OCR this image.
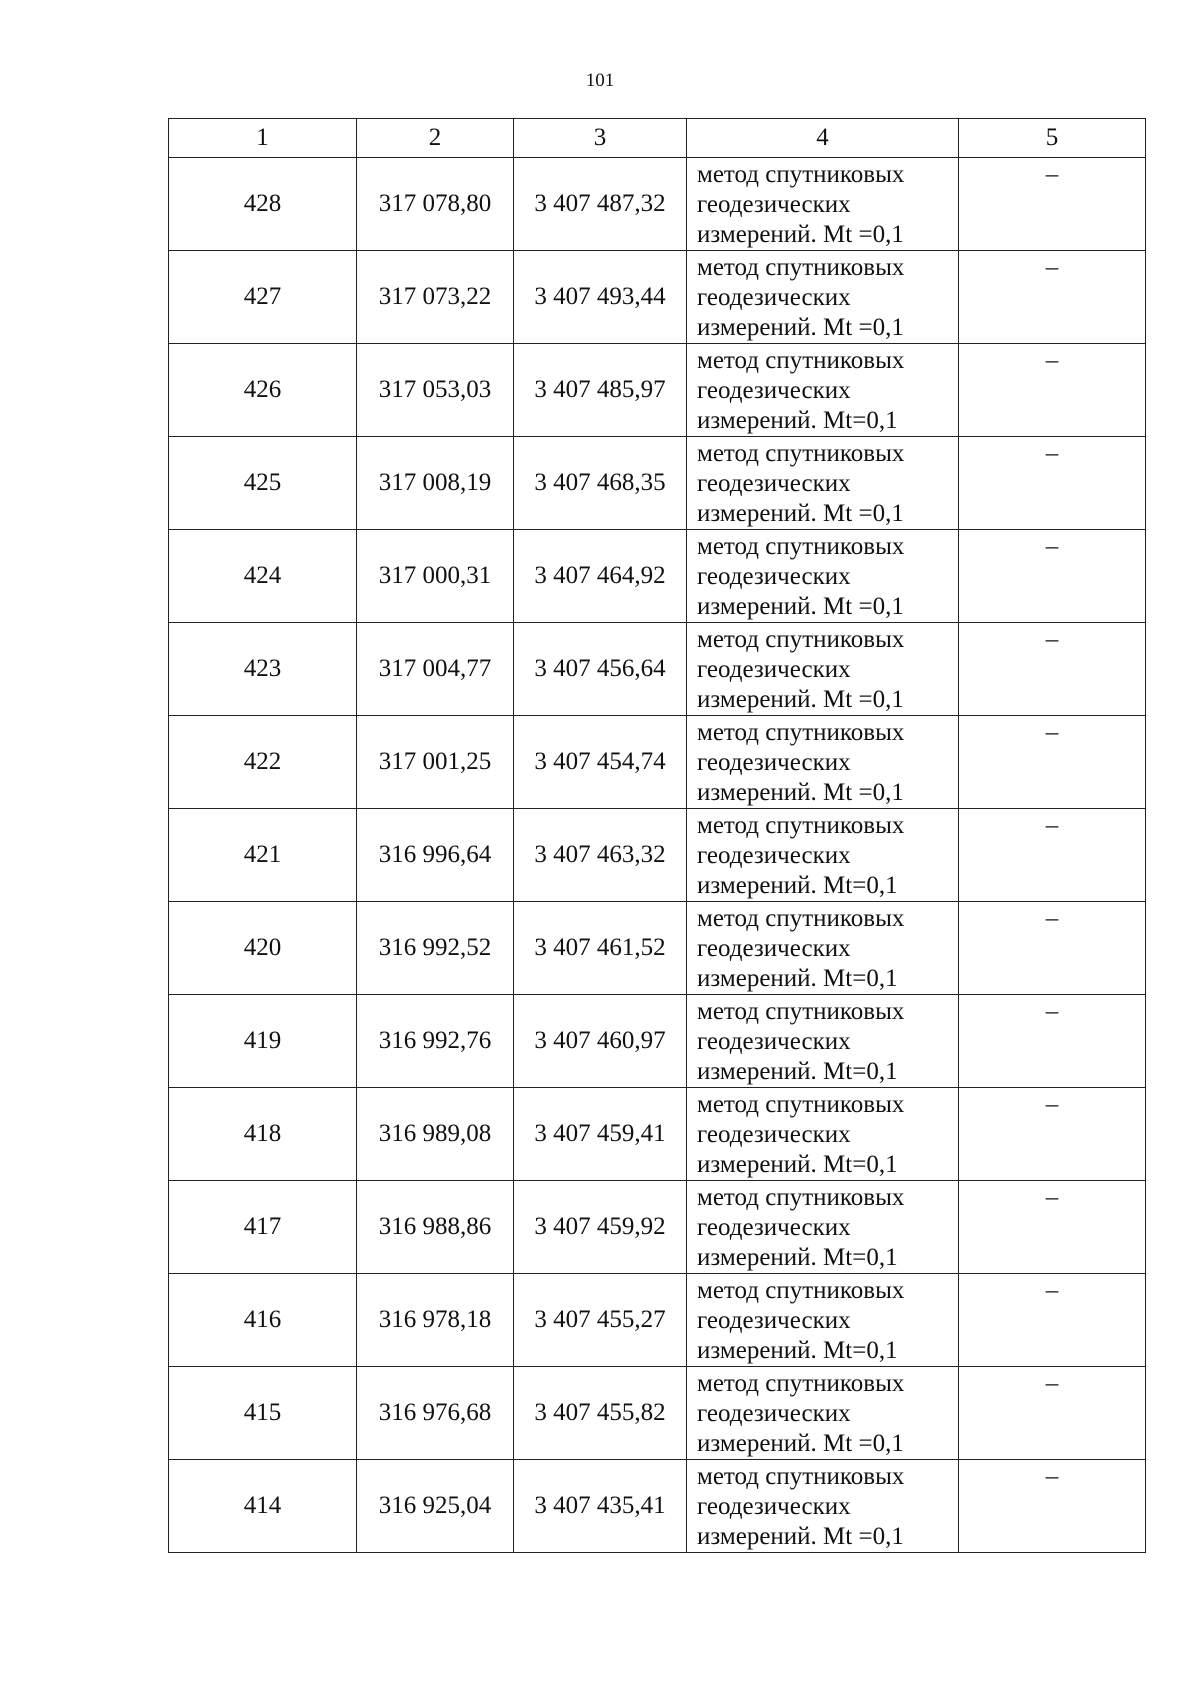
101
1	2	3	4	5
428	317 078,80	3 407 487,32	метод спутниковых
геодезических
измерений. Mt =0,1	–
427	317 073,22	3 407 493,44	метод спутниковых
геодезических
измерений. Mt =0,1	–
426	317 053,03	3 407 485,97	метод спутниковых
геодезических
измерений. Mt=0,1	–
425	317 008,19	3 407 468,35	метод спутниковых
геодезических
измерений. Mt =0,1	–
424	317 000,31	3 407 464,92	метод спутниковых
геодезических
измерений. Mt =0,1	–
423	317 004,77	3 407 456,64	метод спутниковых
геодезических
измерений. Mt =0,1	–
422	317 001,25	3 407 454,74	метод спутниковых
геодезических
измерений. Mt =0,1	–
421	316 996,64	3 407 463,32	метод спутниковых
геодезических
измерений. Mt=0,1	–
420	316 992,52	3 407 461,52	метод спутниковых
геодезических
измерений. Mt=0,1	–
419	316 992,76	3 407 460,97	метод спутниковых
геодезических
измерений. Mt=0,1	–
418	316 989,08	3 407 459,41	метод спутниковых
геодезических
измерений. Mt=0,1	–
417	316 988,86	3 407 459,92	метод спутниковых
геодезических
измерений. Mt=0,1	–
416	316 978,18	3 407 455,27	метод спутниковых
геодезических
измерений. Mt=0,1	–
415	316 976,68	3 407 455,82	метод спутниковых
геодезических
измерений. Mt =0,1	–
414	316 925,04	3 407 435,41	метод спутниковых
геодезических
измерений. Mt =0,1	–
